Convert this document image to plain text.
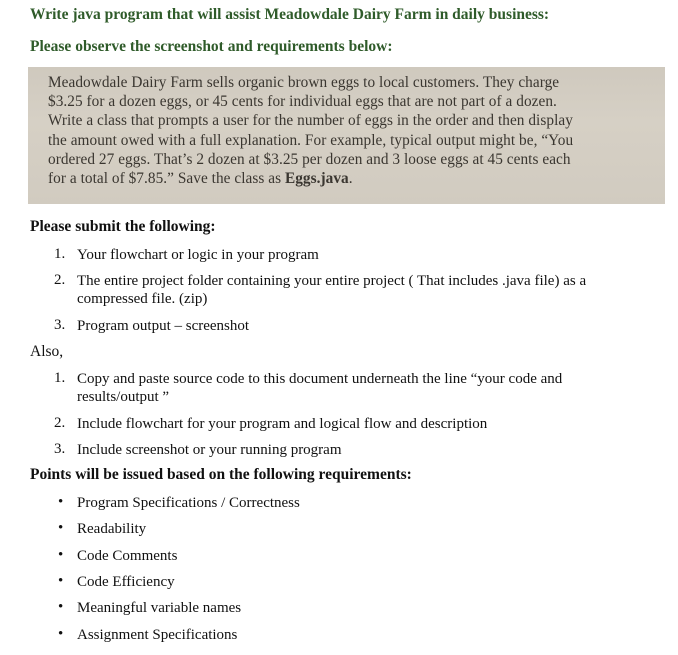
Write java program that will assist Meadowdale Dairy Farm in daily business:
Please observe the screenshot and requirements below:
Meadowdale Dairy Farm sells organic brown eggs to local customers. They charge
$3.25 for a dozen eggs, or 45 cents for individual eggs that are not part of a dozen.
Write a class that prompts a user for the number of eggs in the order and then display
the amount owed with a full explanation. For example, typical output might be, “You
ordered 27 eggs. That’s 2 dozen at $3.25 per dozen and 3 loose eggs at 45 cents each
for a total of $7.85.” Save the class as Eggs.java.
Please submit the following:
1. Your flowchart or logic in your program
2. The entire project folder containing your entire project ( That includes .java file) as a
compressed file. (zip)
3. Program output – screenshot
Also,
1. Copy and paste source code to this document underneath the line “your code and
results/output ”
2. Include flowchart for your program and logical flow and description
3. Include screenshot or your running program
Points will be issued based on the following requirements:
• Program Specifications / Correctness
• Readability
• Code Comments
• Code Efficiency
• Meaningful variable names
• Assignment Specifications
